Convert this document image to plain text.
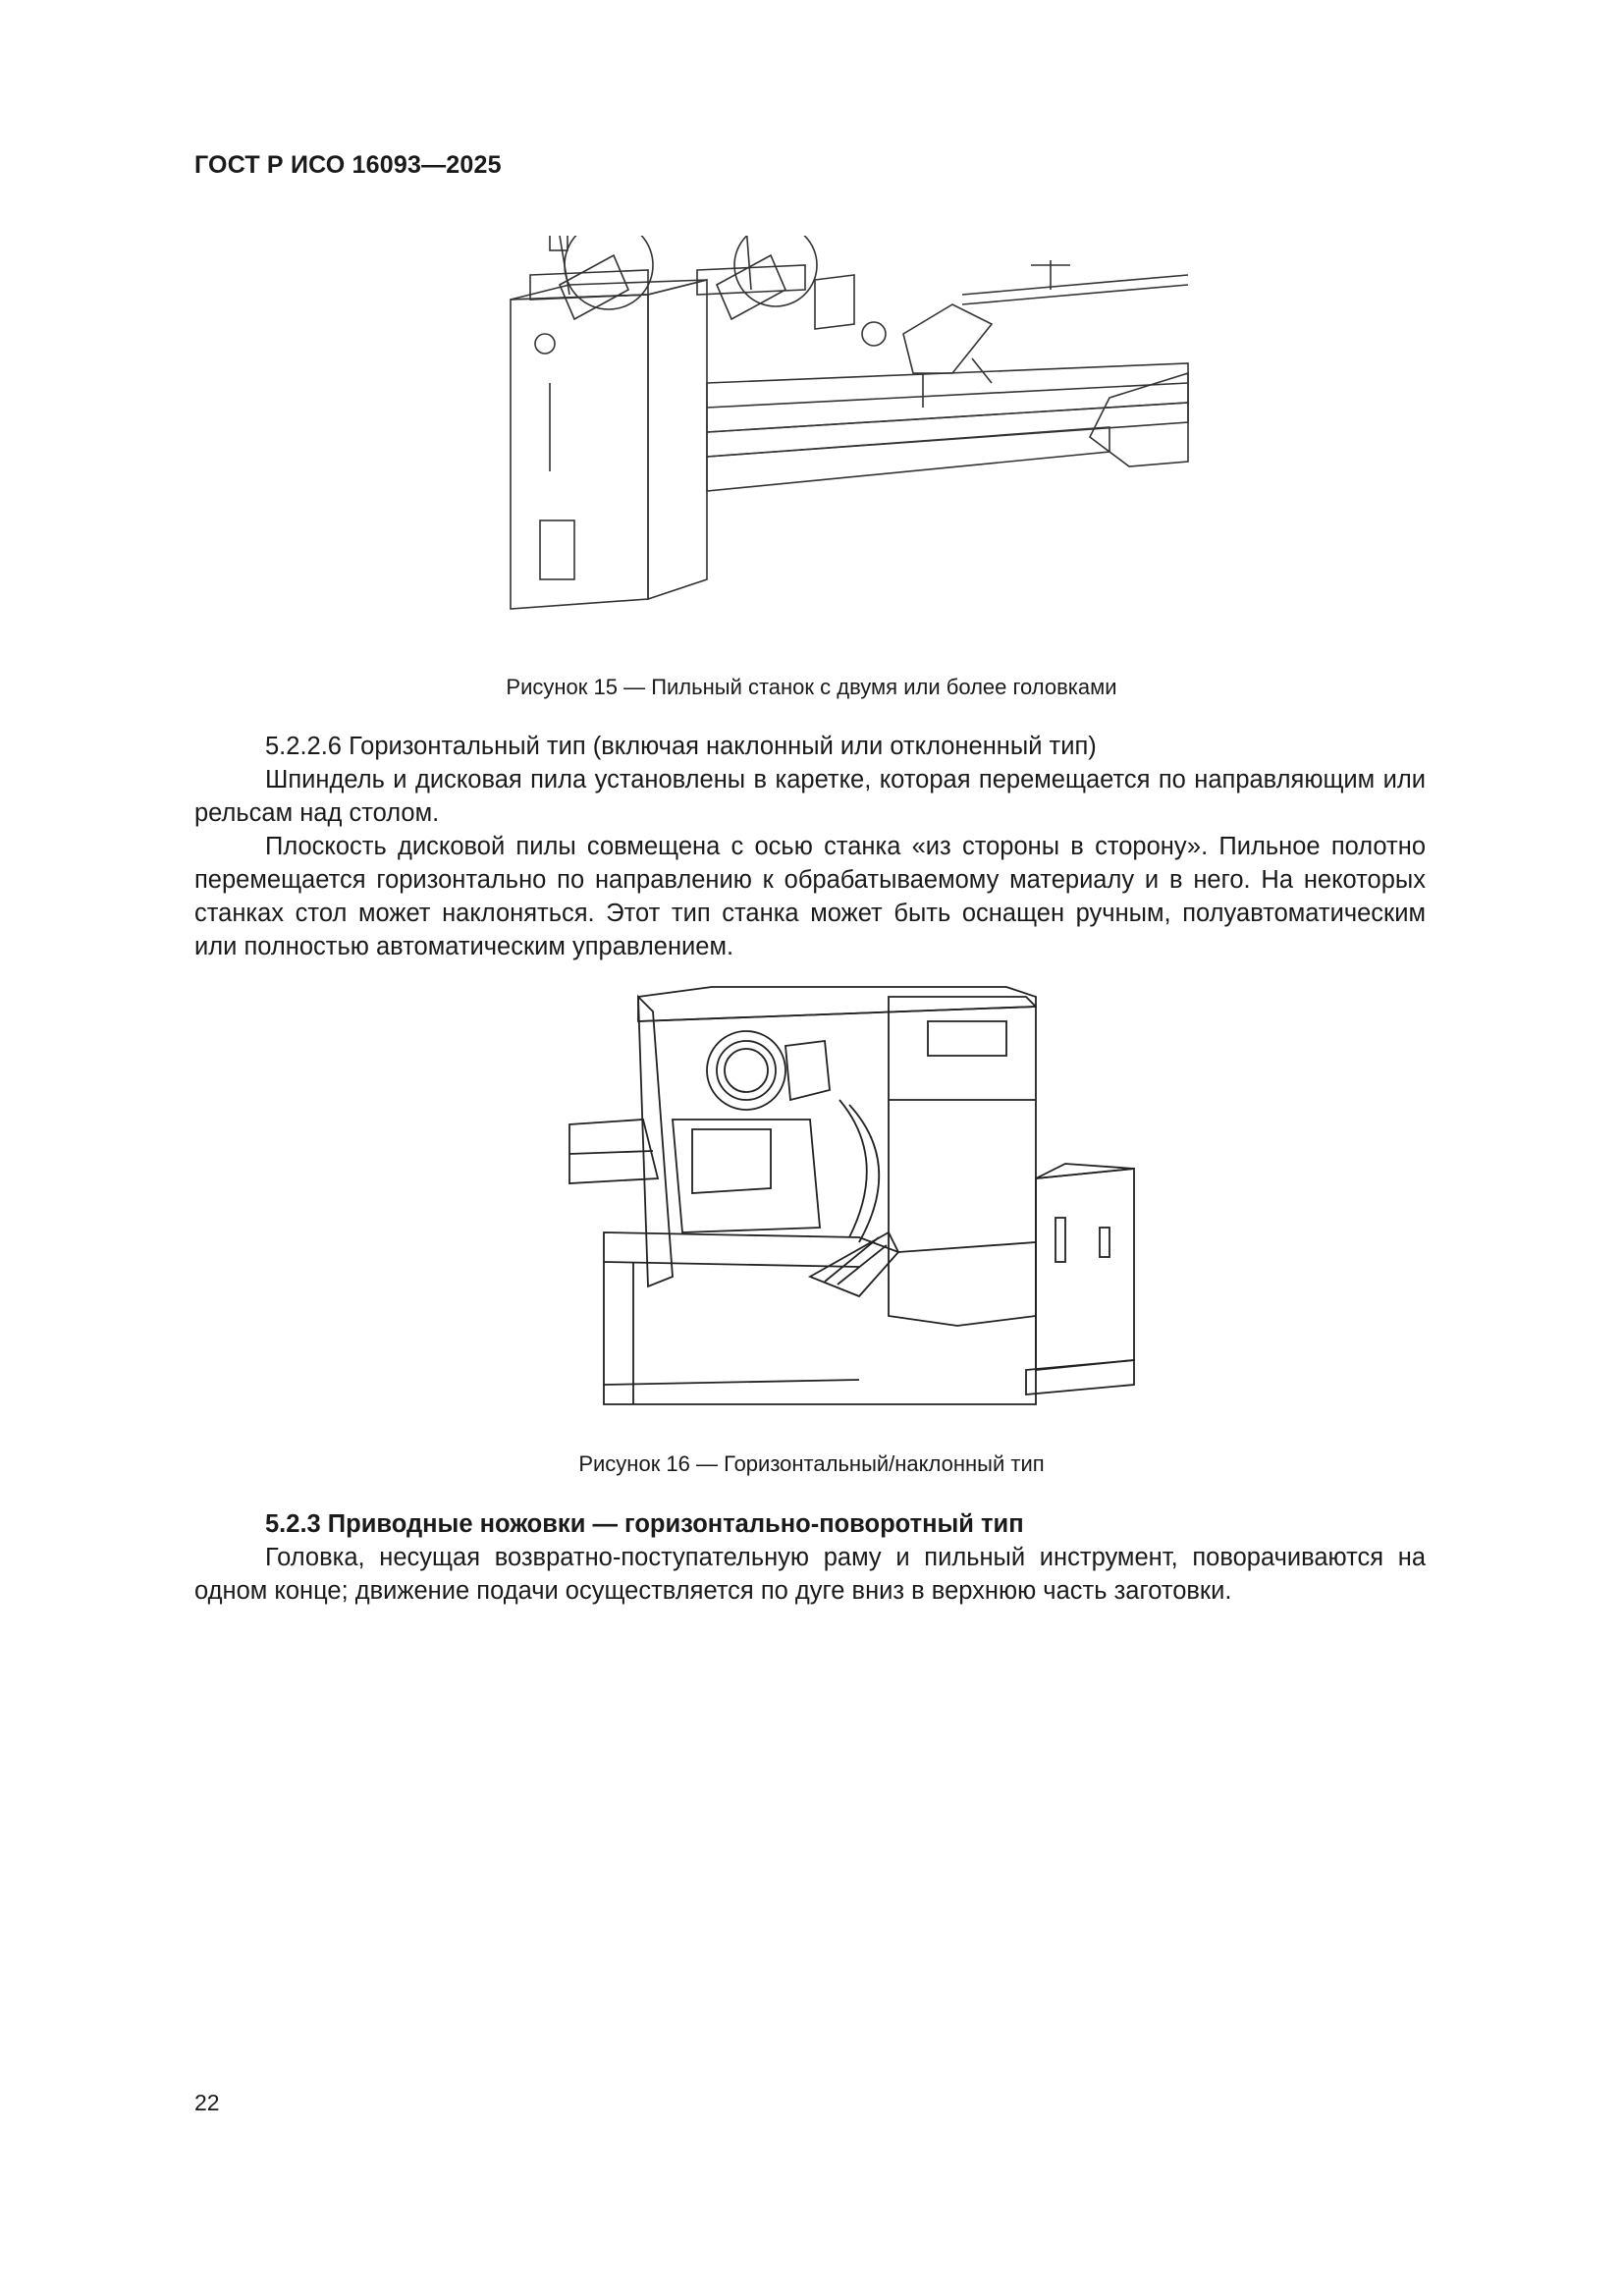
ГОСТ Р ИСО 16093—2025
Рисунок 15 — Пильный станок с двумя или более головками
5.2.2.6 Горизонтальный тип (включая наклонный или отклоненный тип)

Шпиндель и дисковая пила установлены в каретке, которая перемещается по направляющим или рельсам над столом.

Плоскость дисковой пилы совмещена с осью станка «из стороны в сторону». Пильное полотно перемещается горизонтально по направлению к обрабатываемому материалу и в него. На некоторых станках стол может наклоняться. Этот тип станка может быть оснащен ручным, полуавтоматическим или полностью автоматическим управлением.

Рисунок 16 — Горизонтальный/наклонный тип
5.2.3 Приводные ножовки — горизонтально-поворотный тип

Головка, несущая возвратно-поступательную раму и пильный инструмент, поворачиваются на одном конце; движение подачи осуществляется по дуге вниз в верхнюю часть заготовки.

22
